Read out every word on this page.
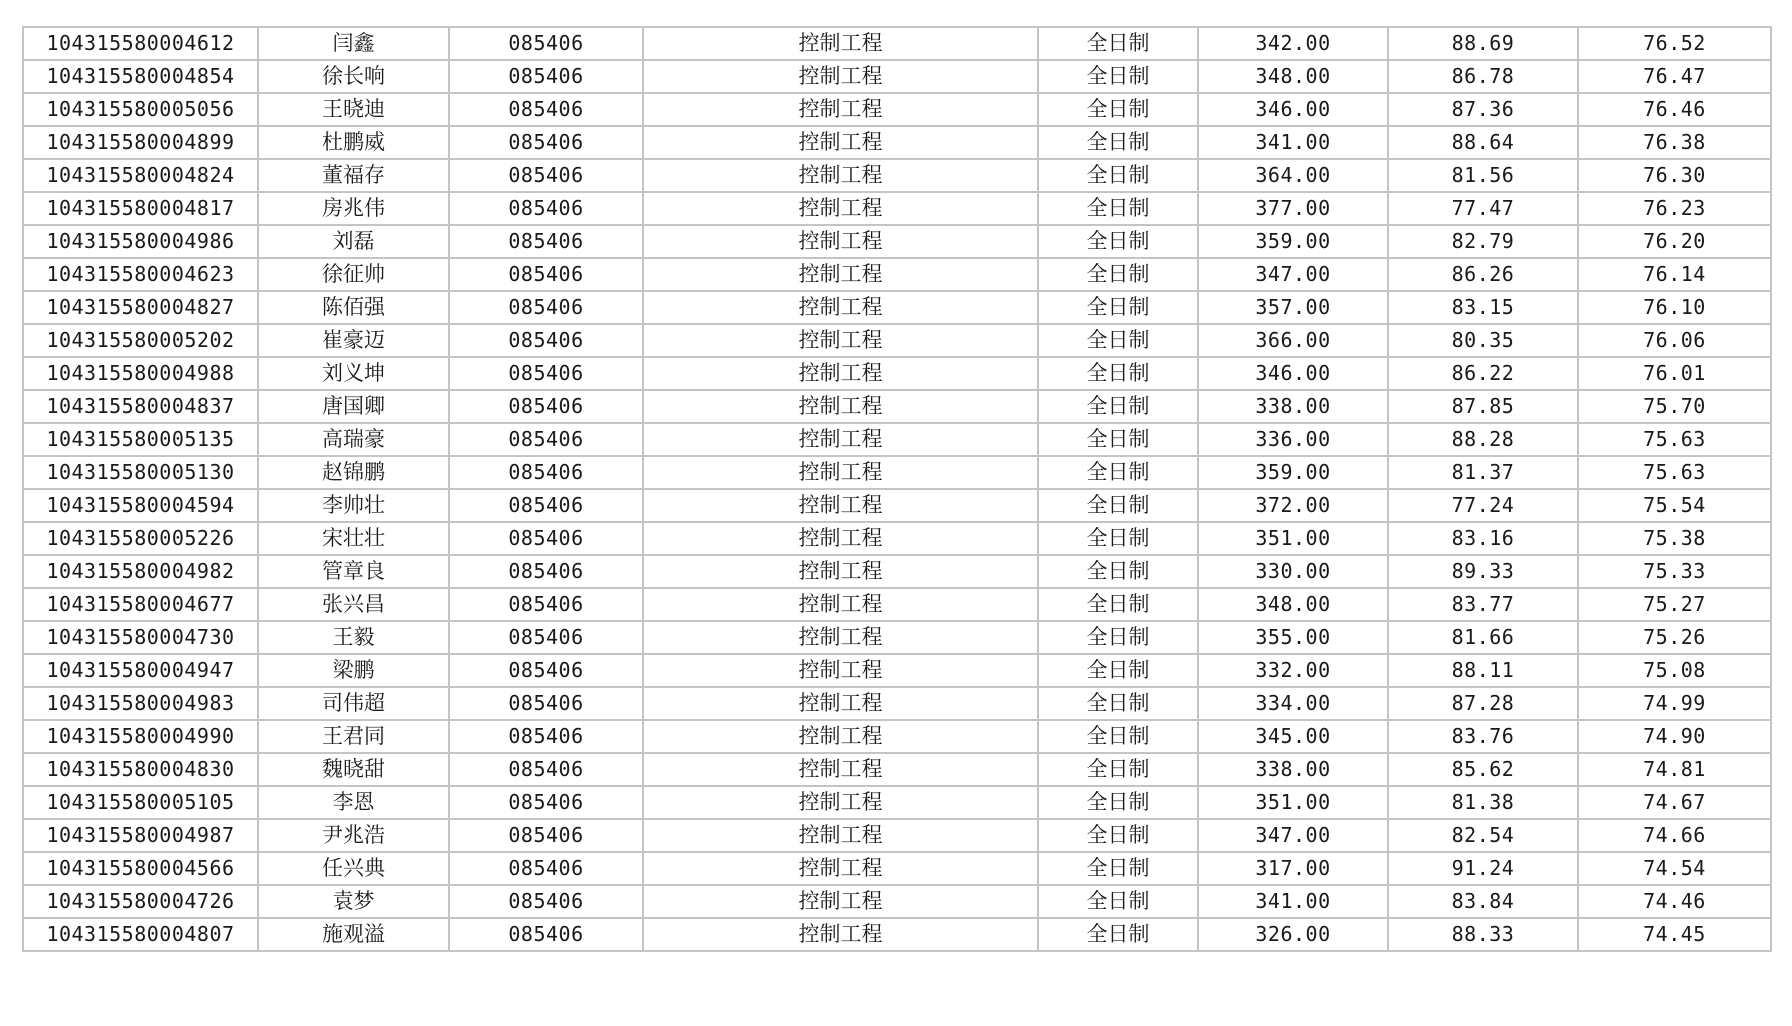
104315580004612	闫鑫	085406	控制工程	全日制	342.00	88.69	76.52
104315580004854	徐长响	085406	控制工程	全日制	348.00	86.78	76.47
104315580005056	王晓迪	085406	控制工程	全日制	346.00	87.36	76.46
104315580004899	杜鹏威	085406	控制工程	全日制	341.00	88.64	76.38
104315580004824	董福存	085406	控制工程	全日制	364.00	81.56	76.30
104315580004817	房兆伟	085406	控制工程	全日制	377.00	77.47	76.23
104315580004986	刘磊	085406	控制工程	全日制	359.00	82.79	76.20
104315580004623	徐征帅	085406	控制工程	全日制	347.00	86.26	76.14
104315580004827	陈佰强	085406	控制工程	全日制	357.00	83.15	76.10
104315580005202	崔豪迈	085406	控制工程	全日制	366.00	80.35	76.06
104315580004988	刘义坤	085406	控制工程	全日制	346.00	86.22	76.01
104315580004837	唐国卿	085406	控制工程	全日制	338.00	87.85	75.70
104315580005135	高瑞豪	085406	控制工程	全日制	336.00	88.28	75.63
104315580005130	赵锦鹏	085406	控制工程	全日制	359.00	81.37	75.63
104315580004594	李帅壮	085406	控制工程	全日制	372.00	77.24	75.54
104315580005226	宋壮壮	085406	控制工程	全日制	351.00	83.16	75.38
104315580004982	管章良	085406	控制工程	全日制	330.00	89.33	75.33
104315580004677	张兴昌	085406	控制工程	全日制	348.00	83.77	75.27
104315580004730	王毅	085406	控制工程	全日制	355.00	81.66	75.26
104315580004947	梁鹏	085406	控制工程	全日制	332.00	88.11	75.08
104315580004983	司伟超	085406	控制工程	全日制	334.00	87.28	74.99
104315580004990	王君同	085406	控制工程	全日制	345.00	83.76	74.90
104315580004830	魏晓甜	085406	控制工程	全日制	338.00	85.62	74.81
104315580005105	李恩	085406	控制工程	全日制	351.00	81.38	74.67
104315580004987	尹兆浩	085406	控制工程	全日制	347.00	82.54	74.66
104315580004566	任兴典	085406	控制工程	全日制	317.00	91.24	74.54
104315580004726	袁梦	085406	控制工程	全日制	341.00	83.84	74.46
104315580004807	施观溢	085406	控制工程	全日制	326.00	88.33	74.45
